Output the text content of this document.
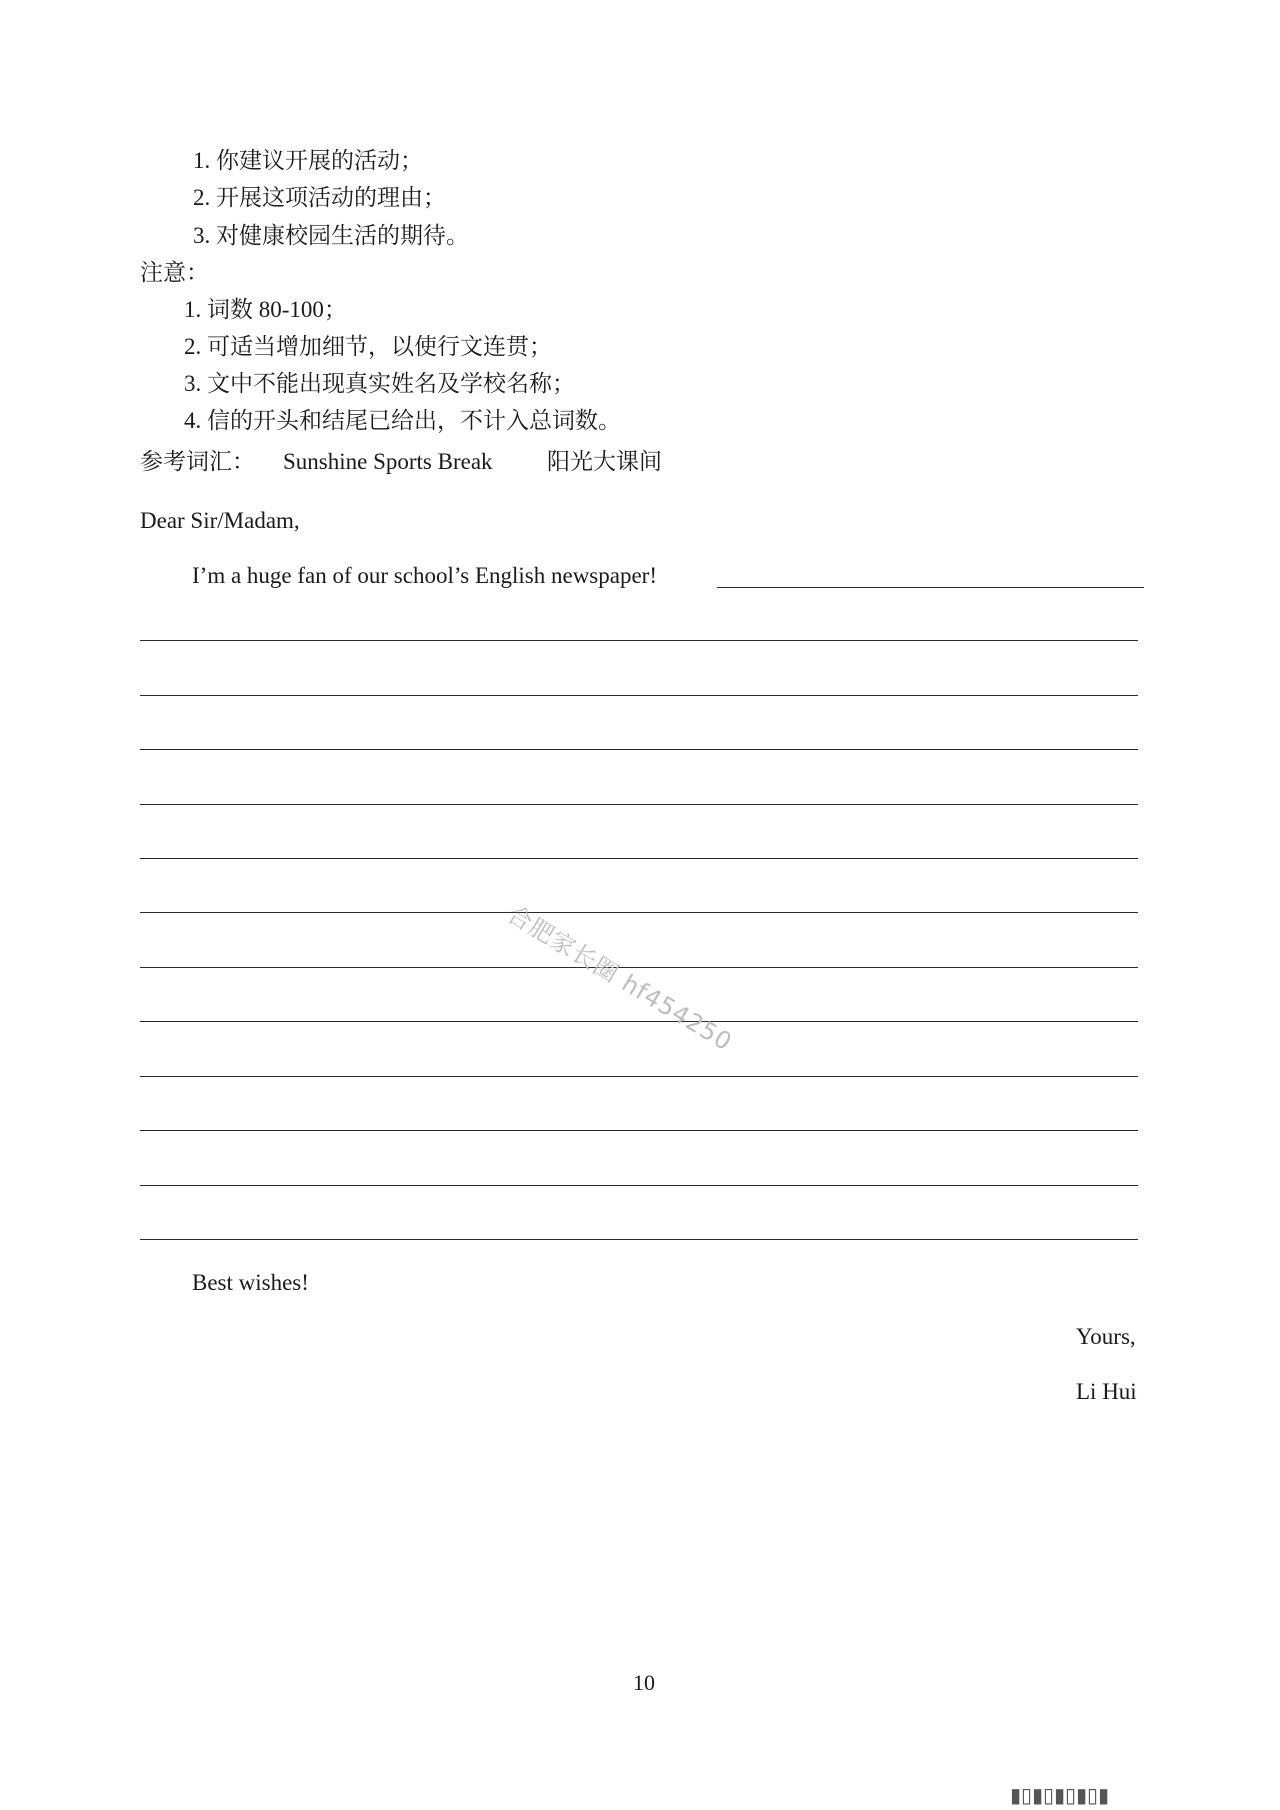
1. 你建议开展的活动；
2. 开展这项活动的理由；
3. 对健康校园生活的期待。
注意：
1. 词数 80-100；
2. 可适当增加细节，以使行文连贯；
3. 文中不能出现真实姓名及学校名称；
4. 信的开头和结尾已给出，不计入总词数。
参考词汇： Sunshine Sports Break 阳光大课间
Dear Sir/Madam,
I’m a huge fan of our school’s English newspaper!
Best wishes!
Yours,
Li Hui
合肥家长圈 hf454250
10
▮▯▮▯▮▯▮▯▮
